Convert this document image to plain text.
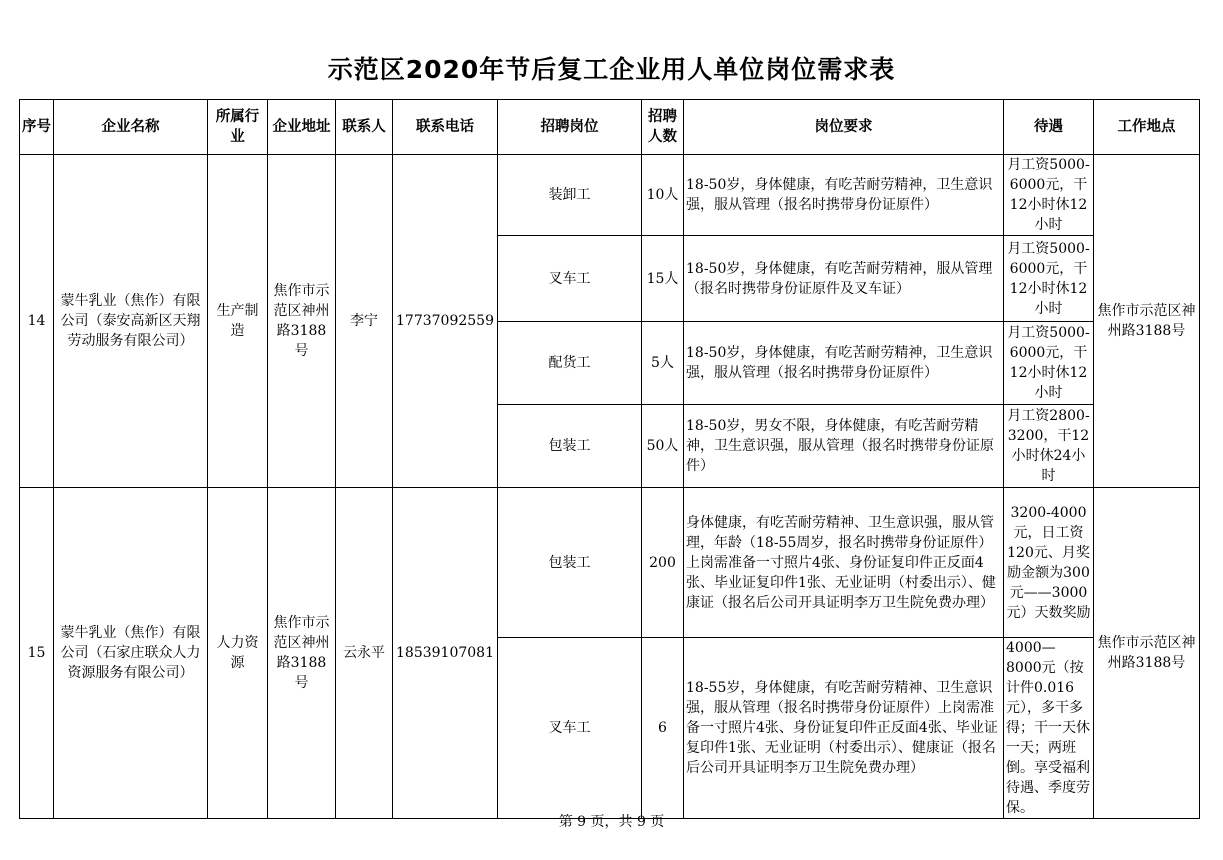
示范区2020年节后复工企业用人单位岗位需求表
序号	企业名称	所属行业	企业地址	联系人	联系电话	招聘岗位	招聘人数	岗位要求	待遇	工作地点
14	蒙牛乳业（焦作）有限公司（泰安高新区天翔劳动服务有限公司）	生产制造	焦作市示范区神州路3188号	李宁	17737092559	装卸工	10人	18-50岁，身体健康，有吃苦耐劳精神，卫生意识强，服从管理（报名时携带身份证原件）	月工资5000-6000元，干12小时休12小时	焦作市示范区神州路3188号
						叉车工	15人	18-50岁，身体健康，有吃苦耐劳精神，服从管理（报名时携带身份证原件及叉车证）	月工资5000-6000元，干12小时休12小时	
						配货工	5人	18-50岁，身体健康，有吃苦耐劳精神，卫生意识强，服从管理（报名时携带身份证原件）	月工资5000-6000元，干12小时休12小时	
						包装工	50人	18-50岁，男女不限，身体健康，有吃苦耐劳精神，卫生意识强，服从管理（报名时携带身份证原件）	月工资2800-3200，干12小时休24小时	
15	蒙牛乳业（焦作）有限公司（石家庄联众人力资源服务有限公司）	人力资源	焦作市示范区神州路3188号	云永平	18539107081	包装工	200	身体健康，有吃苦耐劳精神、卫生意识强，服从管理，年龄（18-55周岁，报名时携带身份证原件）上岗需准备一寸照片4张、身份证复印件正反面4张、毕业证复印件1张、无业证明（村委出示）、健康证（报名后公司开具证明李万卫生院免费办理）	3200-4000元，日工资120元、月奖励金额为300元——3000元）天数奖励	焦作市示范区神州路3188号
						叉车工	6	18-55岁，身体健康，有吃苦耐劳精神、卫生意识强，服从管理（报名时携带身份证原件）上岗需准备一寸照片4张、身份证复印件正反面4张、毕业证复印件1张、无业证明（村委出示）、健康证（报名后公司开具证明李万卫生院免费办理）	4000—8000元（按计件0.016元），多干多得；干一天休一天；两班倒。享受福利待遇、季度劳保。	
第 9 页，共 9 页
